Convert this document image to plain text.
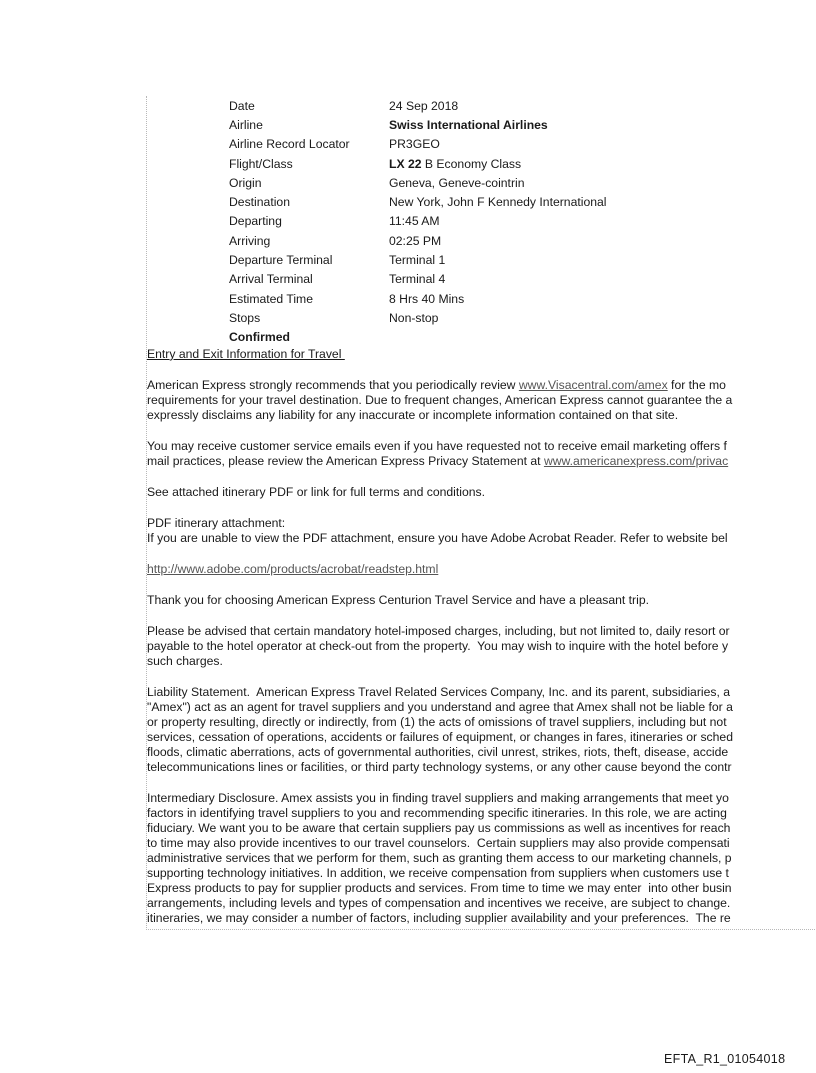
Date	24 Sep 2018
Airline	Swiss International Airlines
Airline Record Locator	PR3GEO
Flight/Class	LX 22 B Economy Class
Origin	Geneva, Geneve-cointrin
Destination	New York, John F Kennedy International
Departing	11:45 AM
Arriving	02:25 PM
Departure Terminal	Terminal 1
Arrival Terminal	Terminal 4
Estimated Time	8 Hrs 40 Mins
Stops	Non-stop
Confirmed
Entry and Exit Information for Travel

American Express strongly recommends that you periodically review www.Visacentral.com/amex for the mo

requirements for your travel destination. Due to frequent changes, American Express cannot guarantee the a

expressly disclaims any liability for any inaccurate or incomplete information contained on that site.

You may receive customer service emails even if you have requested not to receive email marketing offers f

mail practices, please review the American Express Privacy Statement at www.americanexpress.com/privac

See attached itinerary PDF or link for full terms and conditions.

PDF itinerary attachment:

If you are unable to view the PDF attachment, ensure you have Adobe Acrobat Reader. Refer to website bel

http://www.adobe.com/products/acrobat/readstep.html

Thank you for choosing American Express Centurion Travel Service and have a pleasant trip.

Please be advised that certain mandatory hotel-imposed charges, including, but not limited to, daily resort or

payable to the hotel operator at check-out from the property.  You may wish to inquire with the hotel before y

such charges.

Liability Statement.  American Express Travel Related Services Company, Inc. and its parent, subsidiaries, a

"Amex") act as an agent for travel suppliers and you understand and agree that Amex shall not be liable for a

or property resulting, directly or indirectly, from (1) the acts of omissions of travel suppliers, including but not

services, cessation of operations, accidents or failures of equipment, or changes in fares, itineraries or sched

floods, climatic aberrations, acts of governmental authorities, civil unrest, strikes, riots, theft, disease, accide

telecommunications lines or facilities, or third party technology systems, or any other cause beyond the contr

Intermediary Disclosure. Amex assists you in finding travel suppliers and making arrangements that meet yo

factors in identifying travel suppliers to you and recommending specific itineraries. In this role, we are acting

fiduciary. We want you to be aware that certain suppliers pay us commissions as well as incentives for reach

to time may also provide incentives to our travel counselors.  Certain suppliers may also provide compensati

administrative services that we perform for them, such as granting them access to our marketing channels, p

supporting technology initiatives. In addition, we receive compensation from suppliers when customers use t

Express products to pay for supplier products and services. From time to time we may enter  into other busin

arrangements, including levels and types of compensation and incentives we receive, are subject to change.

itineraries, we may consider a number of factors, including supplier availability and your preferences.  The re

EFTA_R1_01054018
